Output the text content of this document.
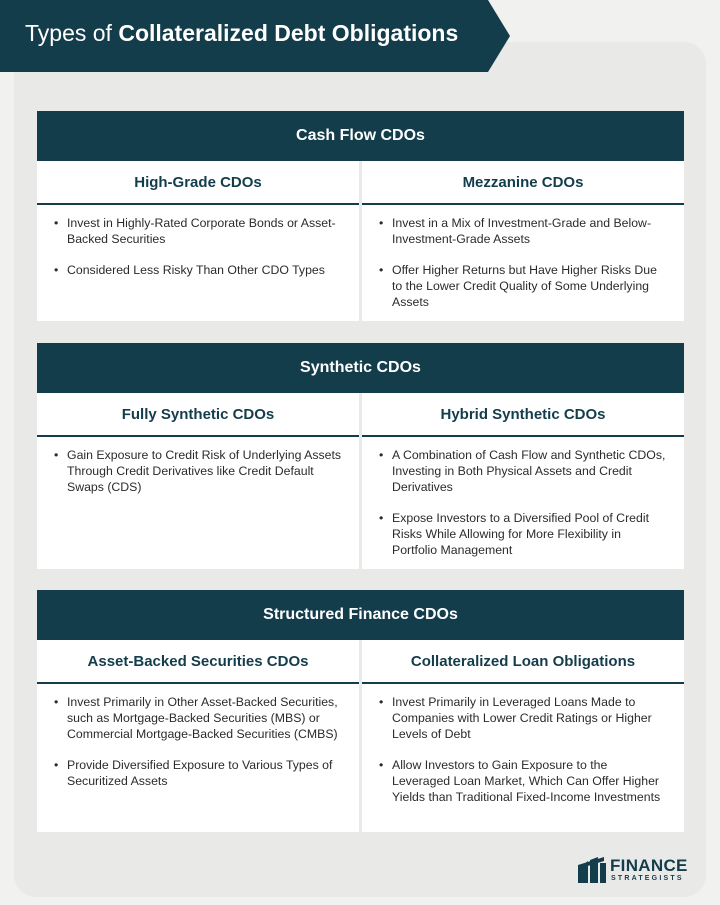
Types of Collateralized Debt Obligations
Cash Flow CDOs
High-Grade CDOs
• Invest in Highly-Rated Corporate Bonds or Asset-Backed Securities
• Considered Less Risky Than Other CDO Types
Mezzanine CDOs
• Invest in a Mix of Investment-Grade and Below-Investment-Grade Assets
• Offer Higher Returns but Have Higher Risks Due to the Lower Credit Quality of Some Underlying Assets
Synthetic CDOs
Fully Synthetic CDOs
• Gain Exposure to Credit Risk of Underlying Assets Through Credit Derivatives like Credit Default Swaps (CDS)
Hybrid Synthetic CDOs
• A Combination of Cash Flow and Synthetic CDOs, Investing in Both Physical Assets and Credit Derivatives
• Expose Investors to a Diversified Pool of Credit Risks While Allowing for More Flexibility in Portfolio Management
Structured Finance CDOs
Asset-Backed Securities CDOs
• Invest Primarily in Other Asset-Backed Securities, such as Mortgage-Backed Securities (MBS) or Commercial Mortgage-Backed Securities (CMBS)
• Provide Diversified Exposure to Various Types of Securitized Assets
Collateralized Loan Obligations
• Invest Primarily in Leveraged Loans Made to Companies with Lower Credit Ratings or Higher Levels of Debt
• Allow Investors to Gain Exposure to the Leveraged Loan Market, Which Can Offer Higher Yields than Traditional Fixed-Income Investments
FINANCE
STRATEGISTS
